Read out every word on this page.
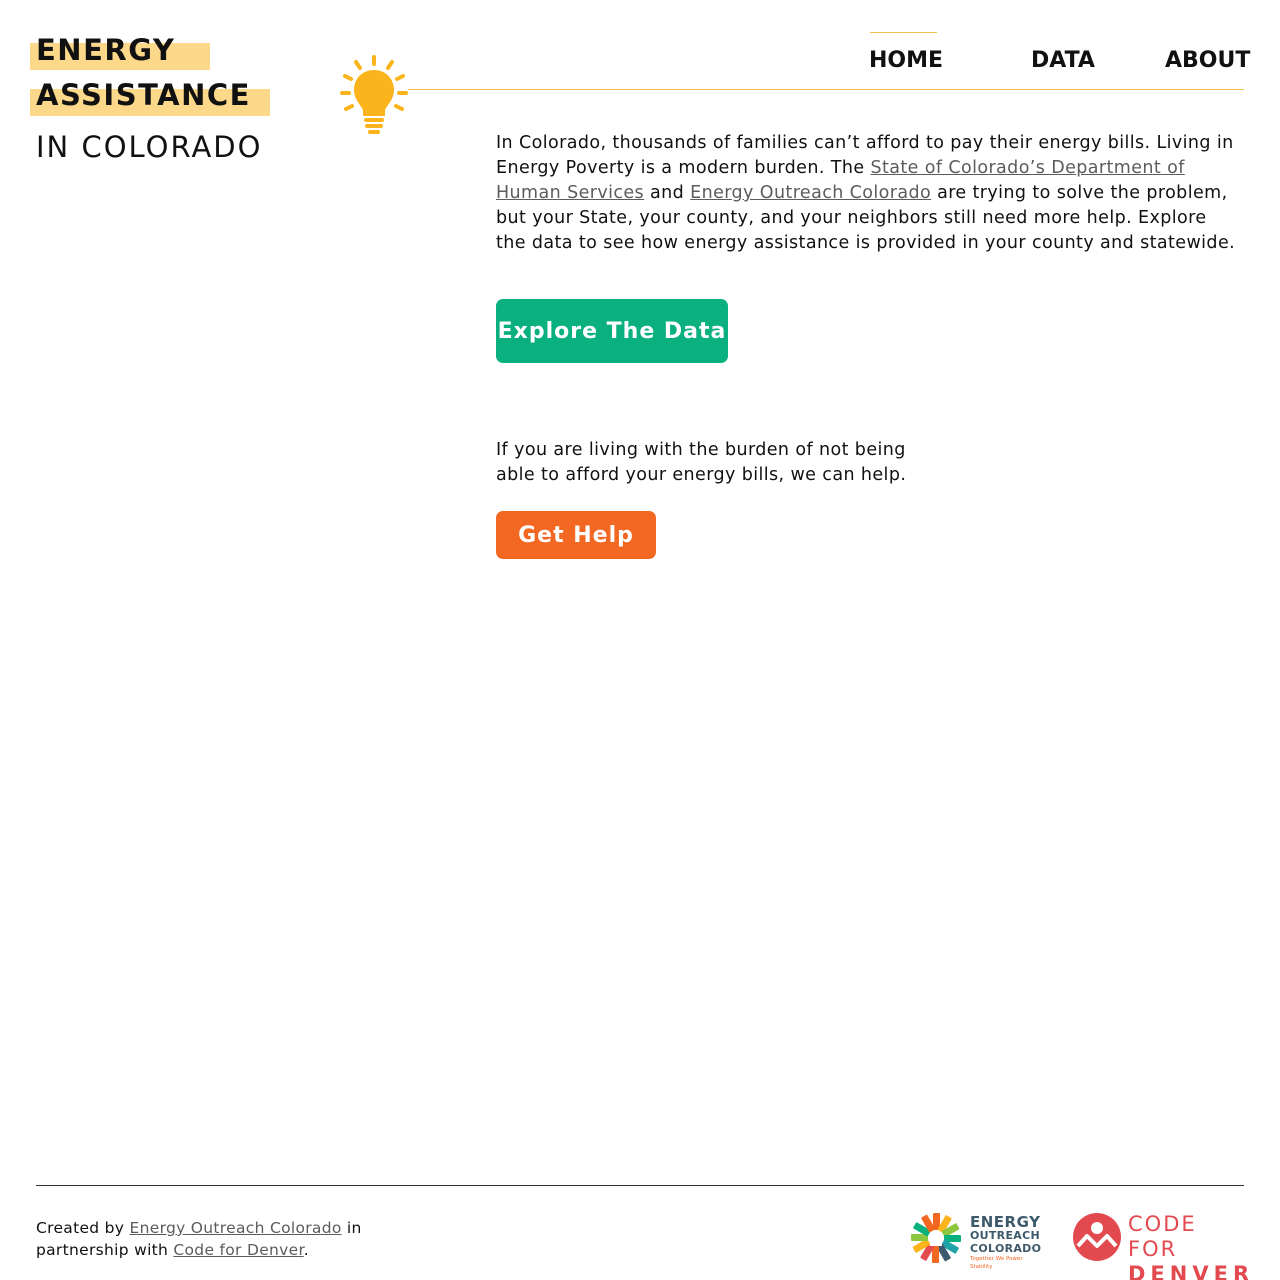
ENERGY
ASSISTANCE
IN COLORADO
HOME	DATA	ABOUT

In Colorado, thousands of families can’t afford to pay their energy bills. Living in Energy Poverty is a modern burden. The State of Colorado’s Department of Human Services and Energy Outreach Colorado are trying to solve the problem, but your State, your county, and your neighbors still need more help. Explore the data to see how energy assistance is provided in your county and statewide.

Explore The Data

If you are living with the burden of not being able to afford your energy bills, we can help.

Get Help

Created by Energy Outreach Colorado in partnership with Code for Denver.

ENERGY
OUTREACH
COLORADO
Together We Power Stability
CODE FOR
DENVER
